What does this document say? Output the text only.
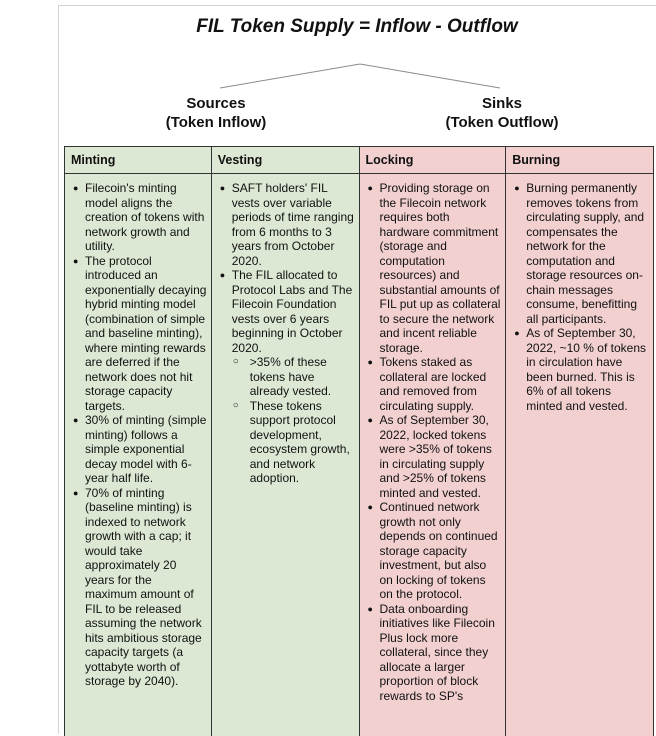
FIL Token Supply = Inflow - Outflow
Sources
(Token Inflow)
Sinks
(Token Outflow)
Minting
● Filecoin's minting model aligns the creation of tokens with network growth and utility.
● The protocol introduced an exponentially decaying hybrid minting model (combination of simple and baseline minting), where minting rewards are deferred if the network does not hit storage capacity targets.
● 30% of minting (simple minting) follows a simple exponential decay model with 6-year half life.
● 70% of minting (baseline minting) is indexed to network growth with a cap; it would take approximately 20 years for the maximum amount of FIL to be released assuming the network hits ambitious storage capacity targets (a yottabyte worth of storage by 2040).
Vesting
● SAFT holders' FIL vests over variable periods of time ranging from 6 months to 3 years from October 2020.
● The FIL allocated to Protocol Labs and The Filecoin Foundation vests over 6 years beginning in October 2020.
○ >35% of these tokens have already vested.
○ These tokens support protocol development, ecosystem growth, and network adoption.
Locking
● Providing storage on the Filecoin network requires both hardware commitment (storage and computation resources) and substantial amounts of FIL put up as collateral to secure the network and incent reliable storage.
● Tokens staked as collateral are locked and removed from circulating supply.
● As of September 30, 2022, locked tokens were >35% of tokens in circulating supply and >25% of tokens minted and vested.
● Continued network growth not only depends on continued storage capacity investment, but also on locking of tokens on the protocol.
● Data onboarding initiatives like Filecoin Plus lock more collateral, since they allocate a larger proportion of block rewards to SP's
Burning
● Burning permanently removes tokens from circulating supply, and compensates the network for the computation and storage resources on-chain messages consume, benefitting all participants.
● As of September 30, 2022, ~10 % of tokens in circulation have been burned. This is 6% of all tokens minted and vested.
